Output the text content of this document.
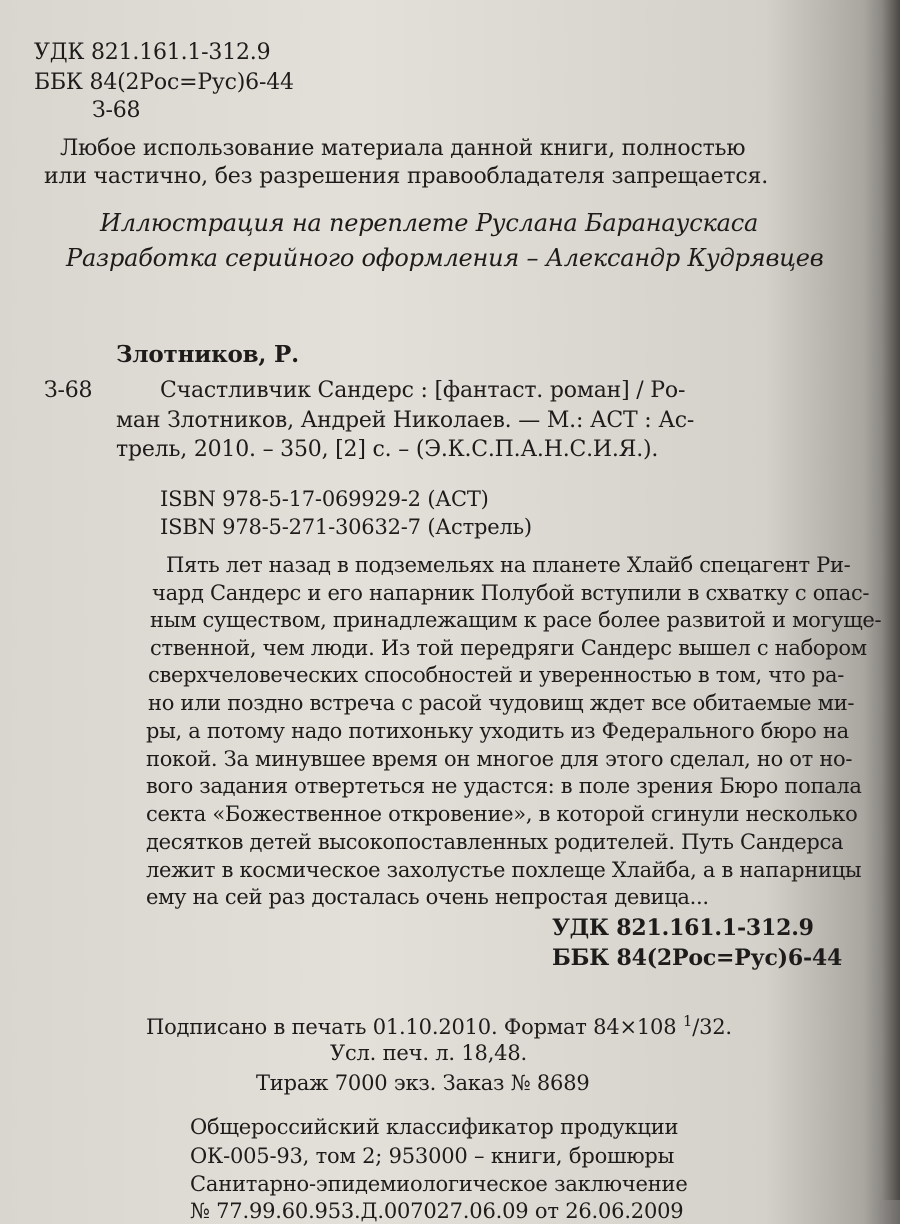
УДК 821.161.1-312.9
ББК 84(2Рос=Рус)6-44
З-68
Любое использование материала данной книги, полностью
или частично, без разрешения правообладателя запрещается.
Иллюстрация на переплете Руслана Баранаускаса
Разработка серийного оформления – Александр Кудрявцев
Злотников, Р.
З-68	Счастливчик Сандерс : [фантаст. роман] / Ро-
ман Злотников, Андрей Николаев. — М.: АСТ : Ас-
трель, 2010. – 350, [2] с. – (Э.К.С.П.А.Н.С.И.Я.).
ISBN 978-5-17-069929-2 (АСТ)
ISBN 978-5-271-30632-7 (Астрель)
Пять лет назад в подземельях на планете Хлайб спецагент Ри-
чард Сандерс и его напарник Полубой вступили в схватку с опас-
ным существом, принадлежащим к расе более развитой и могуще-
ственной, чем люди. Из той передряги Сандерс вышел с набором
сверхчеловеческих способностей и уверенностью в том, что ра-
но или поздно встреча с расой чудовищ ждет все обитаемые ми-
ры, а потому надо потихоньку уходить из Федерального бюро на
покой. За минувшее время он многое для этого сделал, но от но-
вого задания отвертеться не удастся: в поле зрения Бюро попала
секта «Божественное откровение», в которой сгинули несколько
десятков детей высокопоставленных родителей. Путь Сандерса
лежит в космическое захолустье похлеще Хлайба, а в напарницы
ему на сей раз досталась очень непростая девица...
УДК 821.161.1-312.9
ББК 84(2Рос=Рус)6-44
Подписано в печать 01.10.2010. Формат 84×108 $^1$/32.
Усл. печ. л. 18,48.
Тираж 7000 экз. Заказ № 8689
Общероссийский классификатор продукции
ОК-005-93, том 2; 953000 – книги, брошюры
Санитарно-эпидемиологическое заключение
№ 77.99.60.953.Д.007027.06.09 от 26.06.2009
